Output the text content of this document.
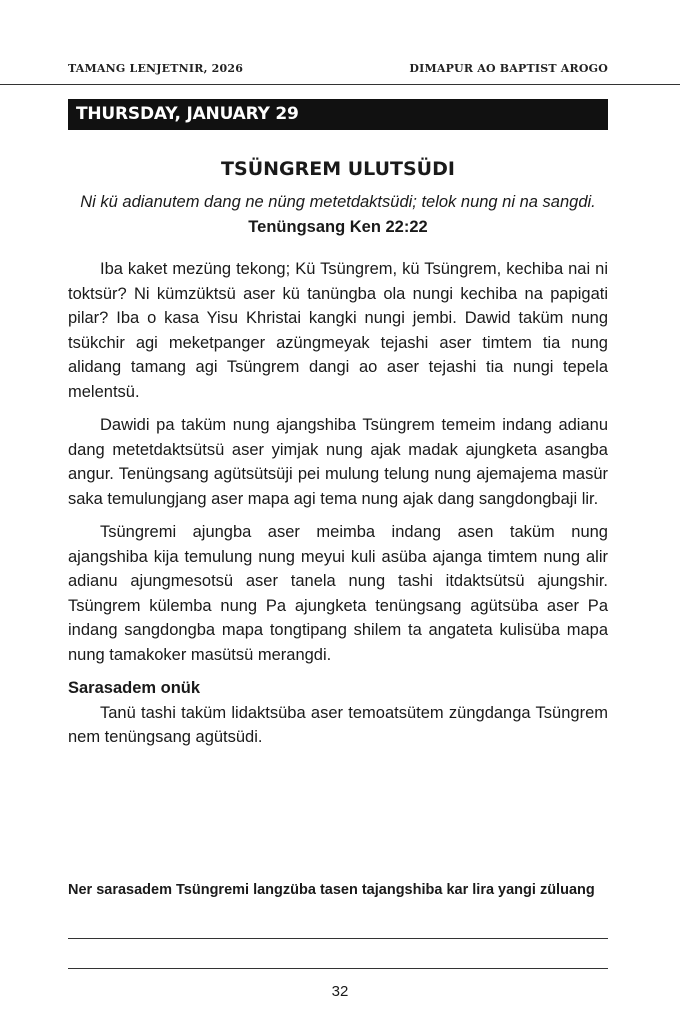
TAMANG LENJETNIR, 2026	DIMAPUR AO BAPTIST AROGO
THURSDAY, JANUARY 29
TSÜNGREM ULUTSÜDI
Ni kü adianutem dang ne nüng metetdaktsüdi; telok nung ni na sangdi. Tenüngsang Ken 22:22

Iba kaket mezüng tekong; Kü Tsüngrem, kü Tsüngrem, kechiba nai ni toktsür? Ni kümzüktsü aser kü tanüngba ola nungi kechiba na papigati pilar? Iba o kasa Yisu Khristai kangki nungi jembi. Dawid taküm nung tsükchir agi meketpanger azüngmeyak tejashi aser timtem tia nung alidang tamang agi Tsüngrem dangi ao aser tejashi tia nungi tepela melentsü.

Dawidi pa taküm nung ajangshiba Tsüngrem temeim indang adianu dang metetdaktsütsü aser yimjak nung ajak madak ajungketa asangba angur. Tenüngsang agütsütsüji pei mulung telung nung ajemajema masür saka temulungjang aser mapa agi tema nung ajak dang sangdongbaji lir.

Tsüngremi ajungba aser meimba indang asen taküm nung ajangshiba kija temulung nung meyui kuli asüba ajanga timtem nung alir adianu ajungmesotsü aser tanela nung tashi itdaktsütsü ajungshir. Tsüngrem külemba nung Pa ajungketa tenüngsang agütsüba aser Pa indang sangdongba mapa tongtipang shilem ta angateta kulisüba mapa nung tamakoker masütsü merangdi.

Sarasadem onük

Tanü tashi taküm lidaktsüba aser temoatsütem züngdanga Tsüngrem nem tenüngsang agütsüdi.

Ner sarasadem Tsüngremi langzüba tasen tajangshiba kar lira yangi züluang
32
